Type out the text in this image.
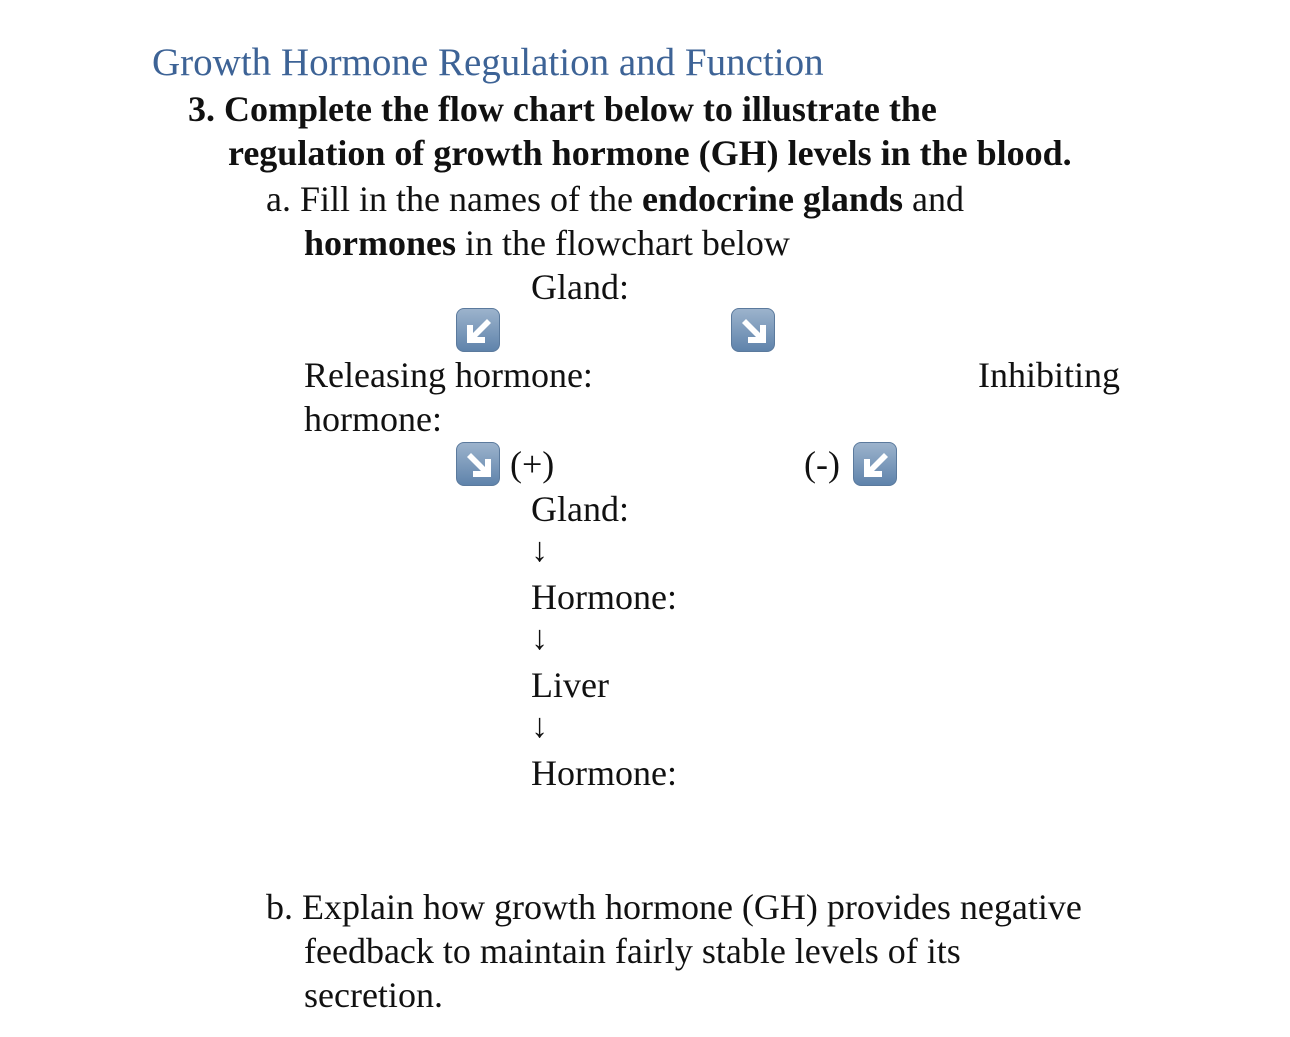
Growth Hormone Regulation and Function
3. Complete the flow chart below to illustrate the
regulation of growth hormone (GH) levels in the blood.
a. Fill in the names of the endocrine glands and
hormones in the flowchart below
Gland:
Releasing hormone:	Inhibiting
hormone:
(+)	(-)
Gland:
↓
Hormone:
↓
Liver
↓
Hormone:
b. Explain how growth hormone (GH) provides negative
feedback to maintain fairly stable levels of its
secretion.
